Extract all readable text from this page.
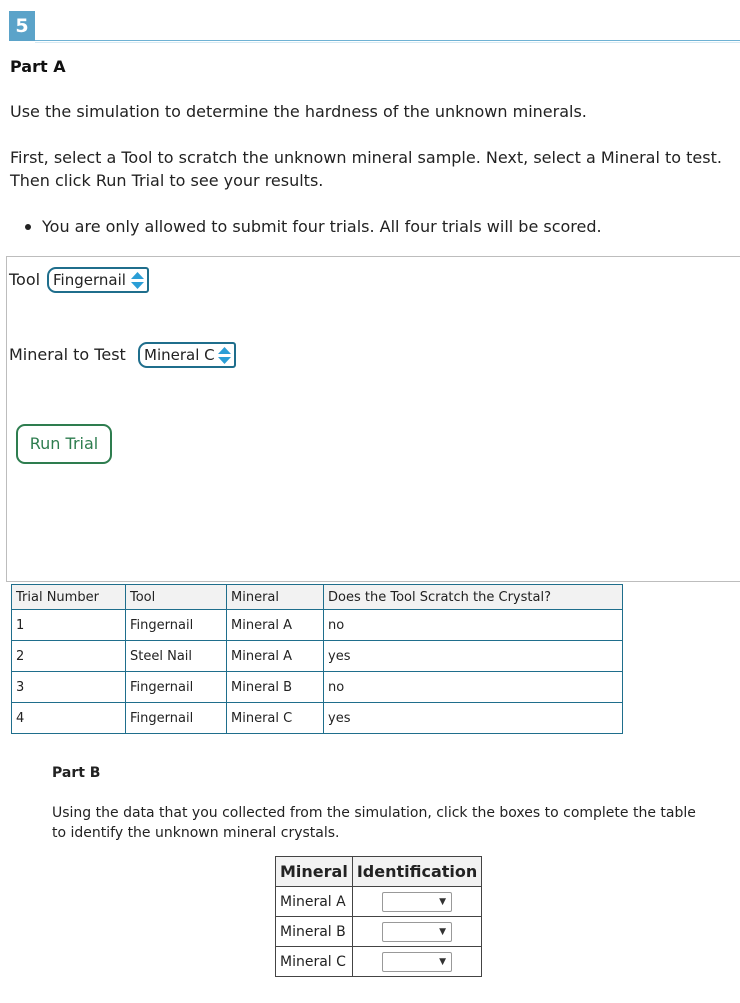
5
Part A
Use the simulation to determine the hardness of the unknown minerals.
First, select a Tool to scratch the unknown mineral sample. Next, select a Mineral to test. Then click Run Trial to see your results.
You are only allowed to submit four trials. All four trials will be scored.
Tool Fingernail
Mineral to Test	Mineral C
Run Trial
Trial Number	Tool	Mineral	Does the Tool Scratch the Crystal?
1	Fingernail	Mineral A	no
2	Steel Nail	Mineral A	yes
3	Fingernail	Mineral B	no
4	Fingernail	Mineral C	yes
Part B
Using the data that you collected from the simulation, click the boxes to complete the table to identify the unknown mineral crystals.
Mineral	Identification
Mineral A	▼

Mineral B	▼

Mineral C	▼
